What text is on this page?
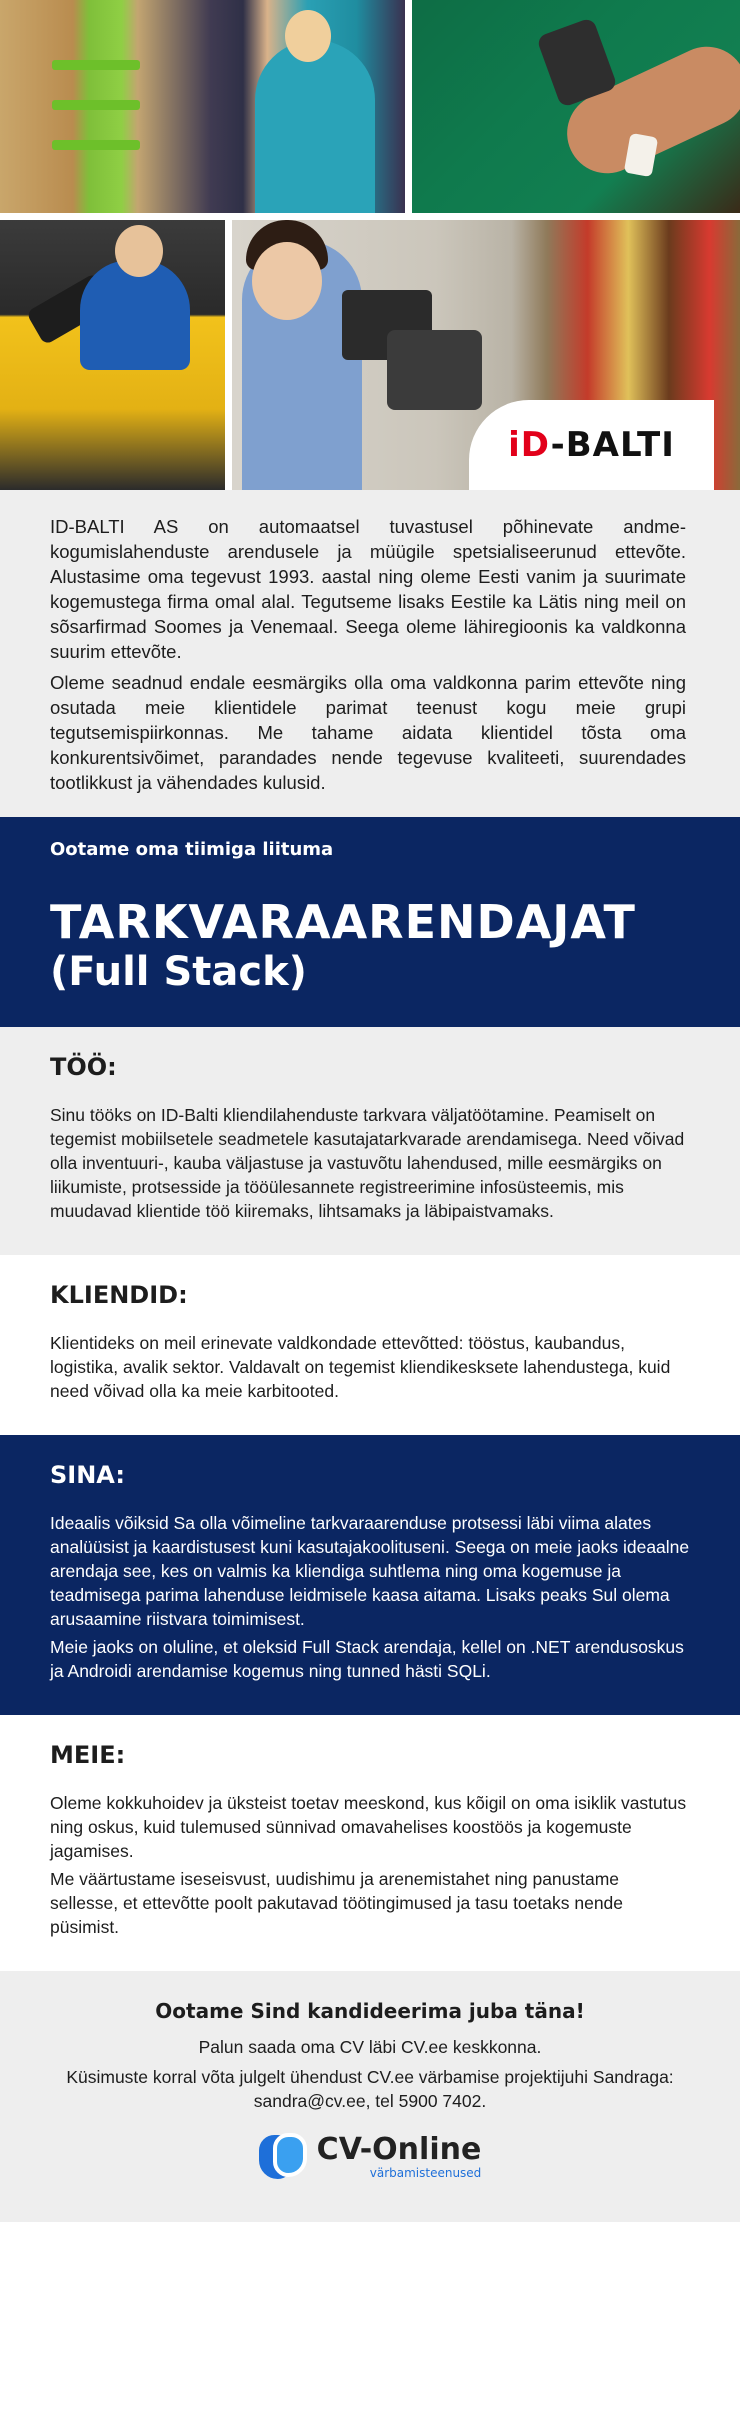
iD-BALTI

ID-BALTI AS on automaatsel tuvastusel põhinevate andme-kogumislahenduste arendusele ja müügile spetsialiseerunud ettevõte. Alustasime oma tegevust 1993. aastal ning oleme Eesti vanim ja suurimate kogemustega firma omal alal. Tegutseme lisaks Eestile ka Lätis ning meil on sõsarfirmad Soomes ja Venemaal. Seega oleme lähiregioonis ka valdkonna suurim ettevõte.

Oleme seadnud endale eesmärgiks olla oma valdkonna parim ettevõte ning osutada meie klientidele parimat teenust kogu meie grupi tegutsemispiirkonnas. Me tahame aidata klientidel tõsta oma konkurentsivõimet, parandades nende tegevuse kvaliteeti, suurendades tootlikkust ja vähendades kulusid.

Ootame oma tiimiga liituma
TARKVARAARENDAJAT
(Full Stack)
TÖÖ:

Sinu tööks on ID-Balti kliendilahenduste tarkvara väljatöötamine. Peamiselt on tegemist mobiilsetele seadmetele kasutajatarkvarade arendamisega. Need võivad olla inventuuri-, kauba väljastuse ja vastuvõtu lahendused, mille eesmärgiks on liikumiste, protsesside ja tööülesannete registreerimine infosüsteemis, mis muudavad klientide töö kiiremaks, lihtsamaks ja läbipaistvamaks.

KLIENDID:

Klientideks on meil erinevate valdkondade ettevõtted: tööstus, kaubandus, logistika, avalik sektor. Valdavalt on tegemist kliendikesksete lahendustega, kuid need võivad olla ka meie karbitooted.

SINA:

Ideaalis võiksid Sa olla võimeline tarkvaraarenduse protsessi läbi viima alates analüüsist ja kaardistusest kuni kasutajakoolituseni. Seega on meie jaoks ideaalne arendaja see, kes on valmis ka kliendiga suhtlema ning oma kogemuse ja teadmisega parima lahenduse leidmisele kaasa aitama. Lisaks peaks Sul olema arusaamine riistvara toimimisest.

Meie jaoks on oluline, et oleksid Full Stack arendaja, kellel on .NET arendusoskus ja Androidi arendamise kogemus ning tunned hästi SQLi.

MEIE:

Oleme kokkuhoidev ja üksteist toetav meeskond, kus kõigil on oma isiklik vastutus ning oskus, kuid tulemused sünnivad omavahelises koostöös ja kogemuste jagamises.

Me väärtustame iseseisvust, uudishimu ja arenemistahet ning panustame sellesse, et ettevõtte poolt pakutavad töötingimused ja tasu toetaks nende püsimist.

Ootame Sind kandideerima juba täna!

Palun saada oma CV läbi CV.ee keskkonna.

Küsimuste korral võta julgelt ühendust CV.ee värbamise projektijuhi Sandraga: sandra@cv.ee, tel 5900 7402.

CV-Online
värbamisteenused
